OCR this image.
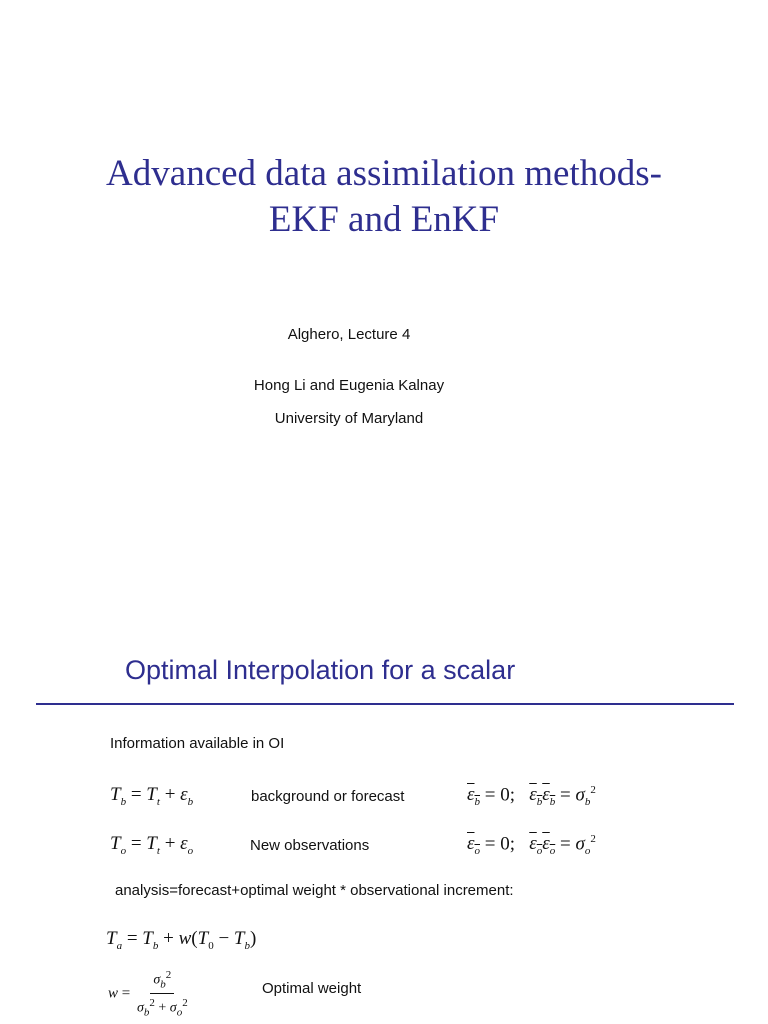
Advanced data assimilation methods-
EKF and EnKF
Alghero, Lecture 4
Hong Li and Eugenia Kalnay
University of Maryland
Optimal Interpolation for a scalar
Information available in OI
$T_b = T_t + \varepsilon_b$	background or forecast	$\varepsilon_b = 0$; $\varepsilon_b\varepsilon_b = \sigma_b^2$
$T_o = T_t + \varepsilon_o$	New observations	$\varepsilon_o = 0$; $\varepsilon_o\varepsilon_o = \sigma_o^2$
analysis=forecast+optimal weight * observational increment:
$T_a = T_b + w(T_0 - T_b)$
$w = \frac{\sigma_b^2}{\sigma_b^2 + \sigma_o^2}$	Optimal weight
